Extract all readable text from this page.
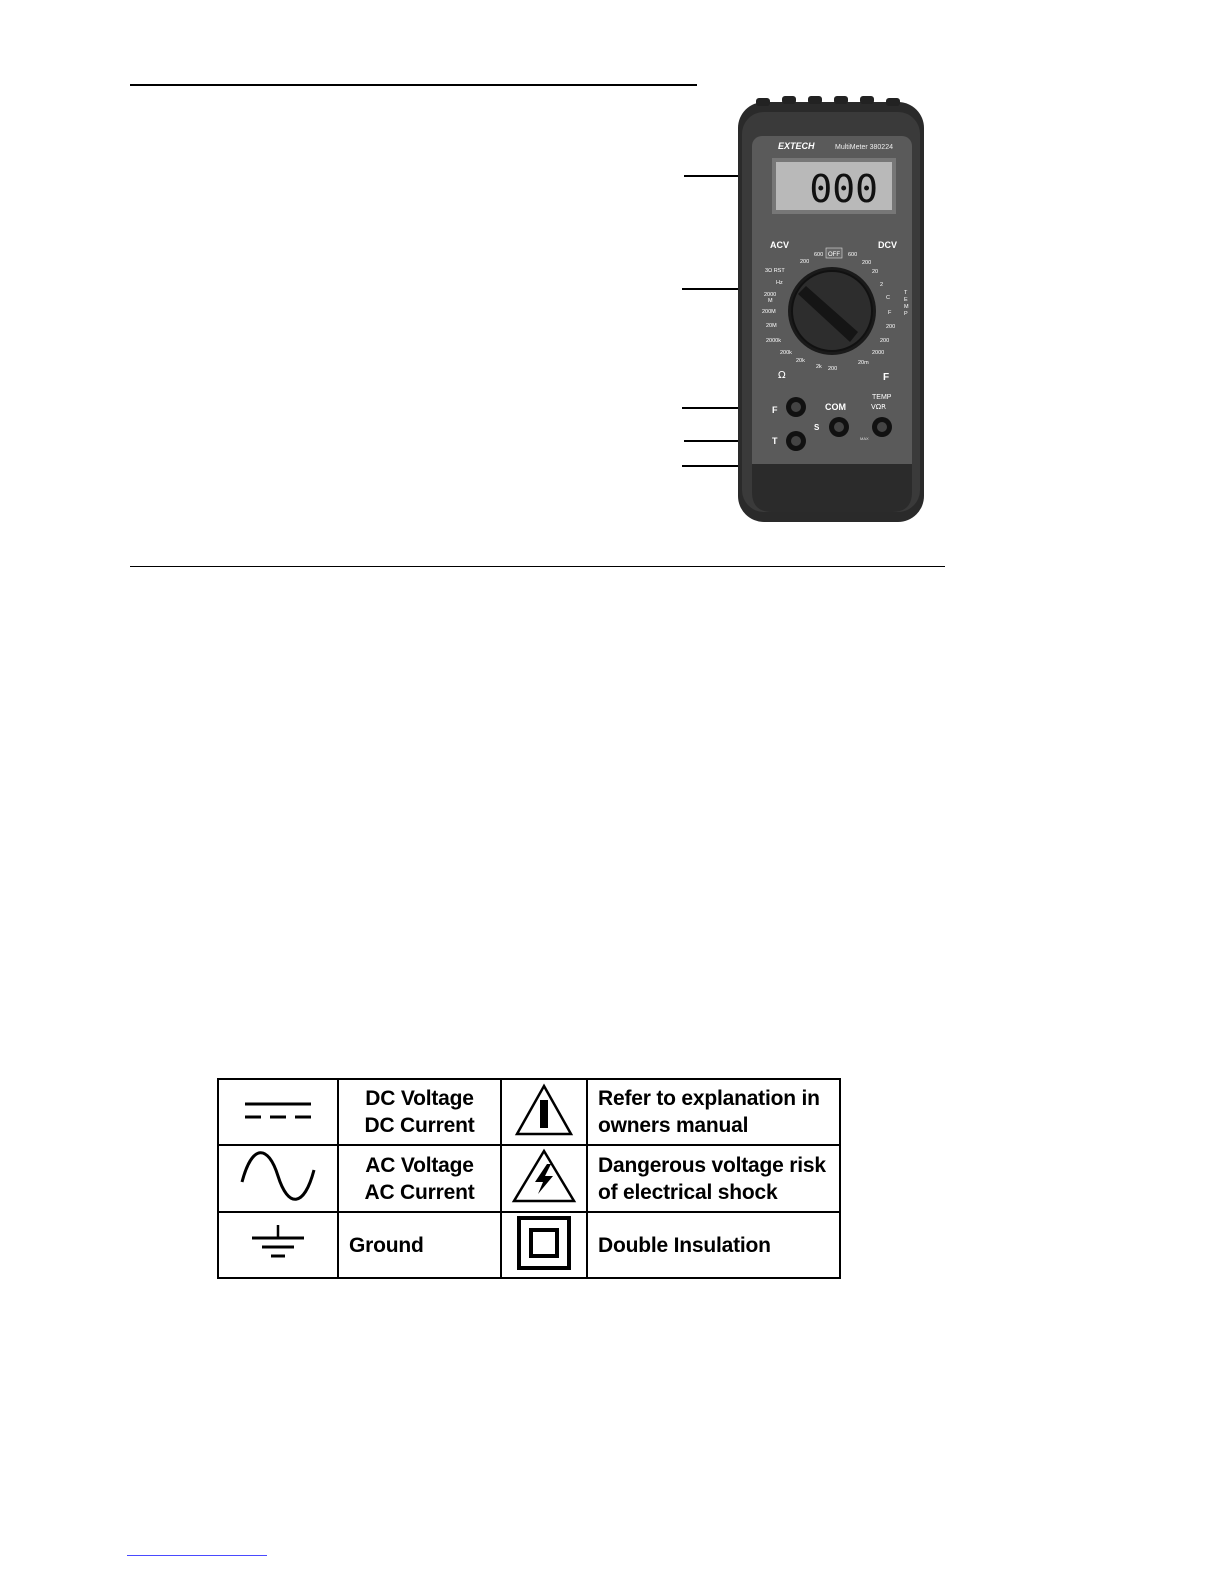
EXTECH	MultiMeter 380224
000
ACV	DCV
OFF
600
200
3Ω RST
Hz
2000
M
200M
20M
2000k
200k
20k
2k 200
600
200
20
2
C
F
200
200
2000
20m
T
E
M
P
Ω	F
F
T
COM
S
TEMP
VΩR
MAX

DC Voltage
DC Current		Refer to explanation in
owners manual

AC Voltage
AC Current		Dangerous voltage risk
of electrical shock

Ground		Double Insulation
